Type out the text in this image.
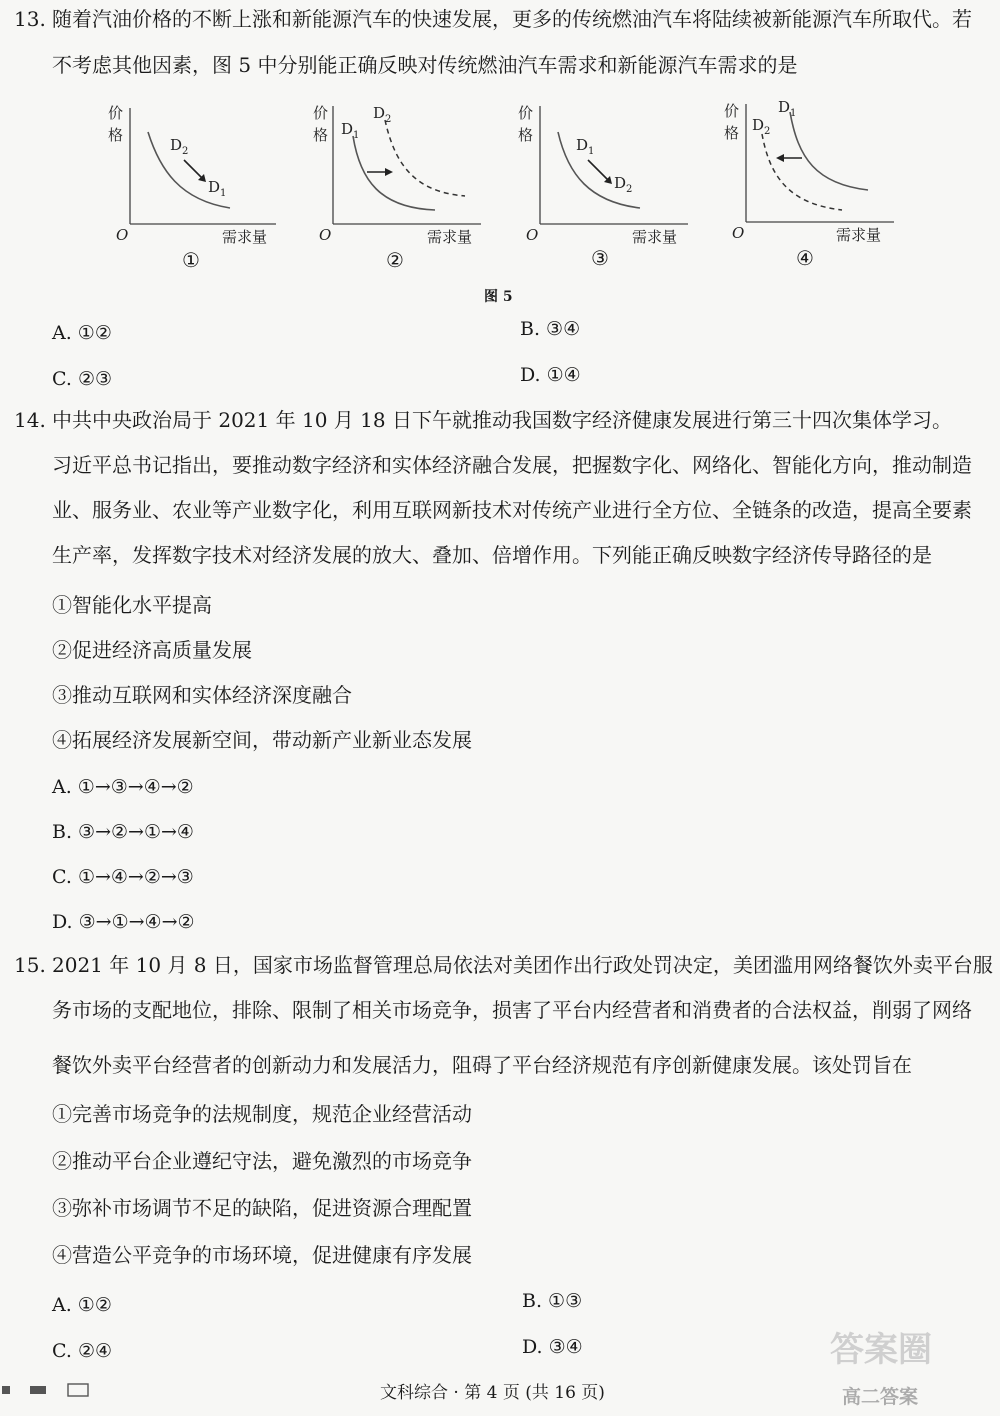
13. 随着汽油价格的不断上涨和新能源汽车的快速发展，更多的传统燃油汽车将陆续被新能源汽车所取代。若
不考虑其他因素，图 5 中分别能正确反映对传统燃油汽车需求和新能源汽车需求的是
价
格
$D_2$
$D_1$
O	需求量
①
价
格 $D_1$
$D_2$
O	需求量
②
价
格
$D_1$
$D_2$
O	需求量
③
价
格
$D_1$
$D_2$
O	需求量
④
图 5
A. ①②	B. ③④
C. ②③	D. ①④
14. 中共中央政治局于 2021 年 10 月 18 日下午就推动我国数字经济健康发展进行第三十四次集体学习。
习近平总书记指出，要推动数字经济和实体经济融合发展，把握数字化、网络化、智能化方向，推动制造
业、服务业、农业等产业数字化，利用互联网新技术对传统产业进行全方位、全链条的改造，提高全要素
生产率，发挥数字技术对经济发展的放大、叠加、倍增作用。下列能正确反映数字经济传导路径的是
①智能化水平提高
②促进经济高质量发展
③推动互联网和实体经济深度融合
④拓展经济发展新空间，带动新产业新业态发展
A. ①→③→④→②
B. ③→②→①→④
C. ①→④→②→③
D. ③→①→④→②
15. 2021 年 10 月 8 日，国家市场监督管理总局依法对美团作出行政处罚决定，美团滥用网络餐饮外卖平台服
务市场的支配地位，排除、限制了相关市场竞争，损害了平台内经营者和消费者的合法权益，削弱了网络
餐饮外卖平台经营者的创新动力和发展活力，阻碍了平台经济规范有序创新健康发展。该处罚旨在
①完善市场竞争的法规制度，规范企业经营活动
②推动平台企业遵纪守法，避免激烈的市场竞争
③弥补市场调节不足的缺陷，促进资源合理配置
④营造公平竞争的市场环境，促进健康有序发展
A. ①②	B. ①③
C. ②④	D. ③④
文科综合 · 第 4 页 (共 16 页)
答案圈
高二答案
